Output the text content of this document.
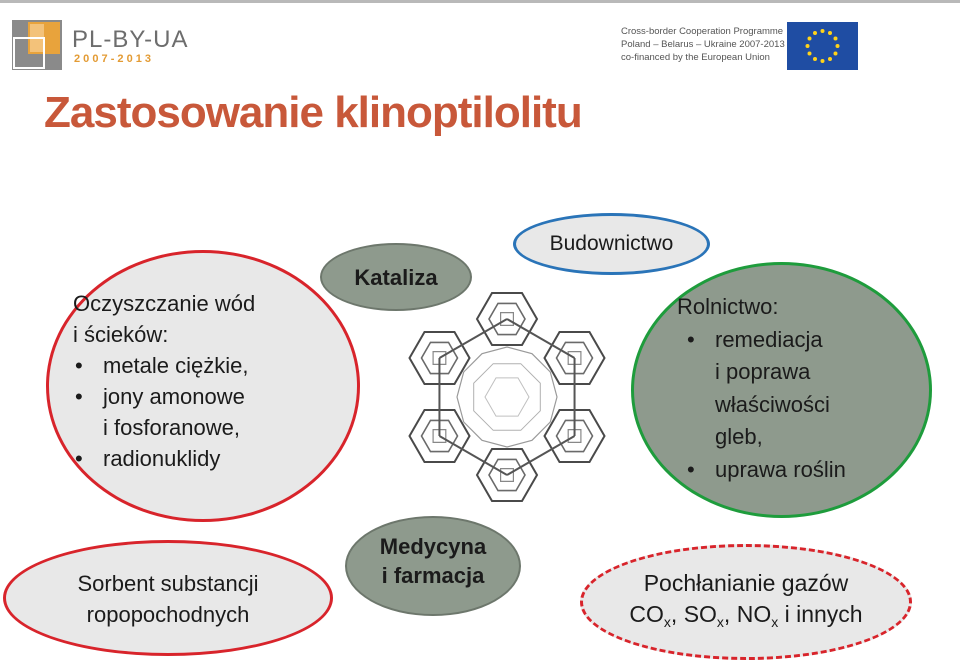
PL-BY-UA
2 0 0 7 - 2 0 1 3
Cross-border Cooperation Programme
Poland – Belarus – Ukraine 2007-2013
co-financed by the European Union
Zastosowanie klinoptilolitu
Oczyszczanie wód
i ścieków:
• metale ciężkie,
• jony amonowe
i fosforanowe,
• radionuklidy
Kataliza
Budownictwo
Rolnictwo:
• remediacja
i poprawa
właściwości
gleb,
• uprawa roślin
Sorbent substancji
ropopochodnych
Medycyna
i farmacja	Pochłanianie gazów
$CO_x$, $SO_x$, $NO_x$ i innych
